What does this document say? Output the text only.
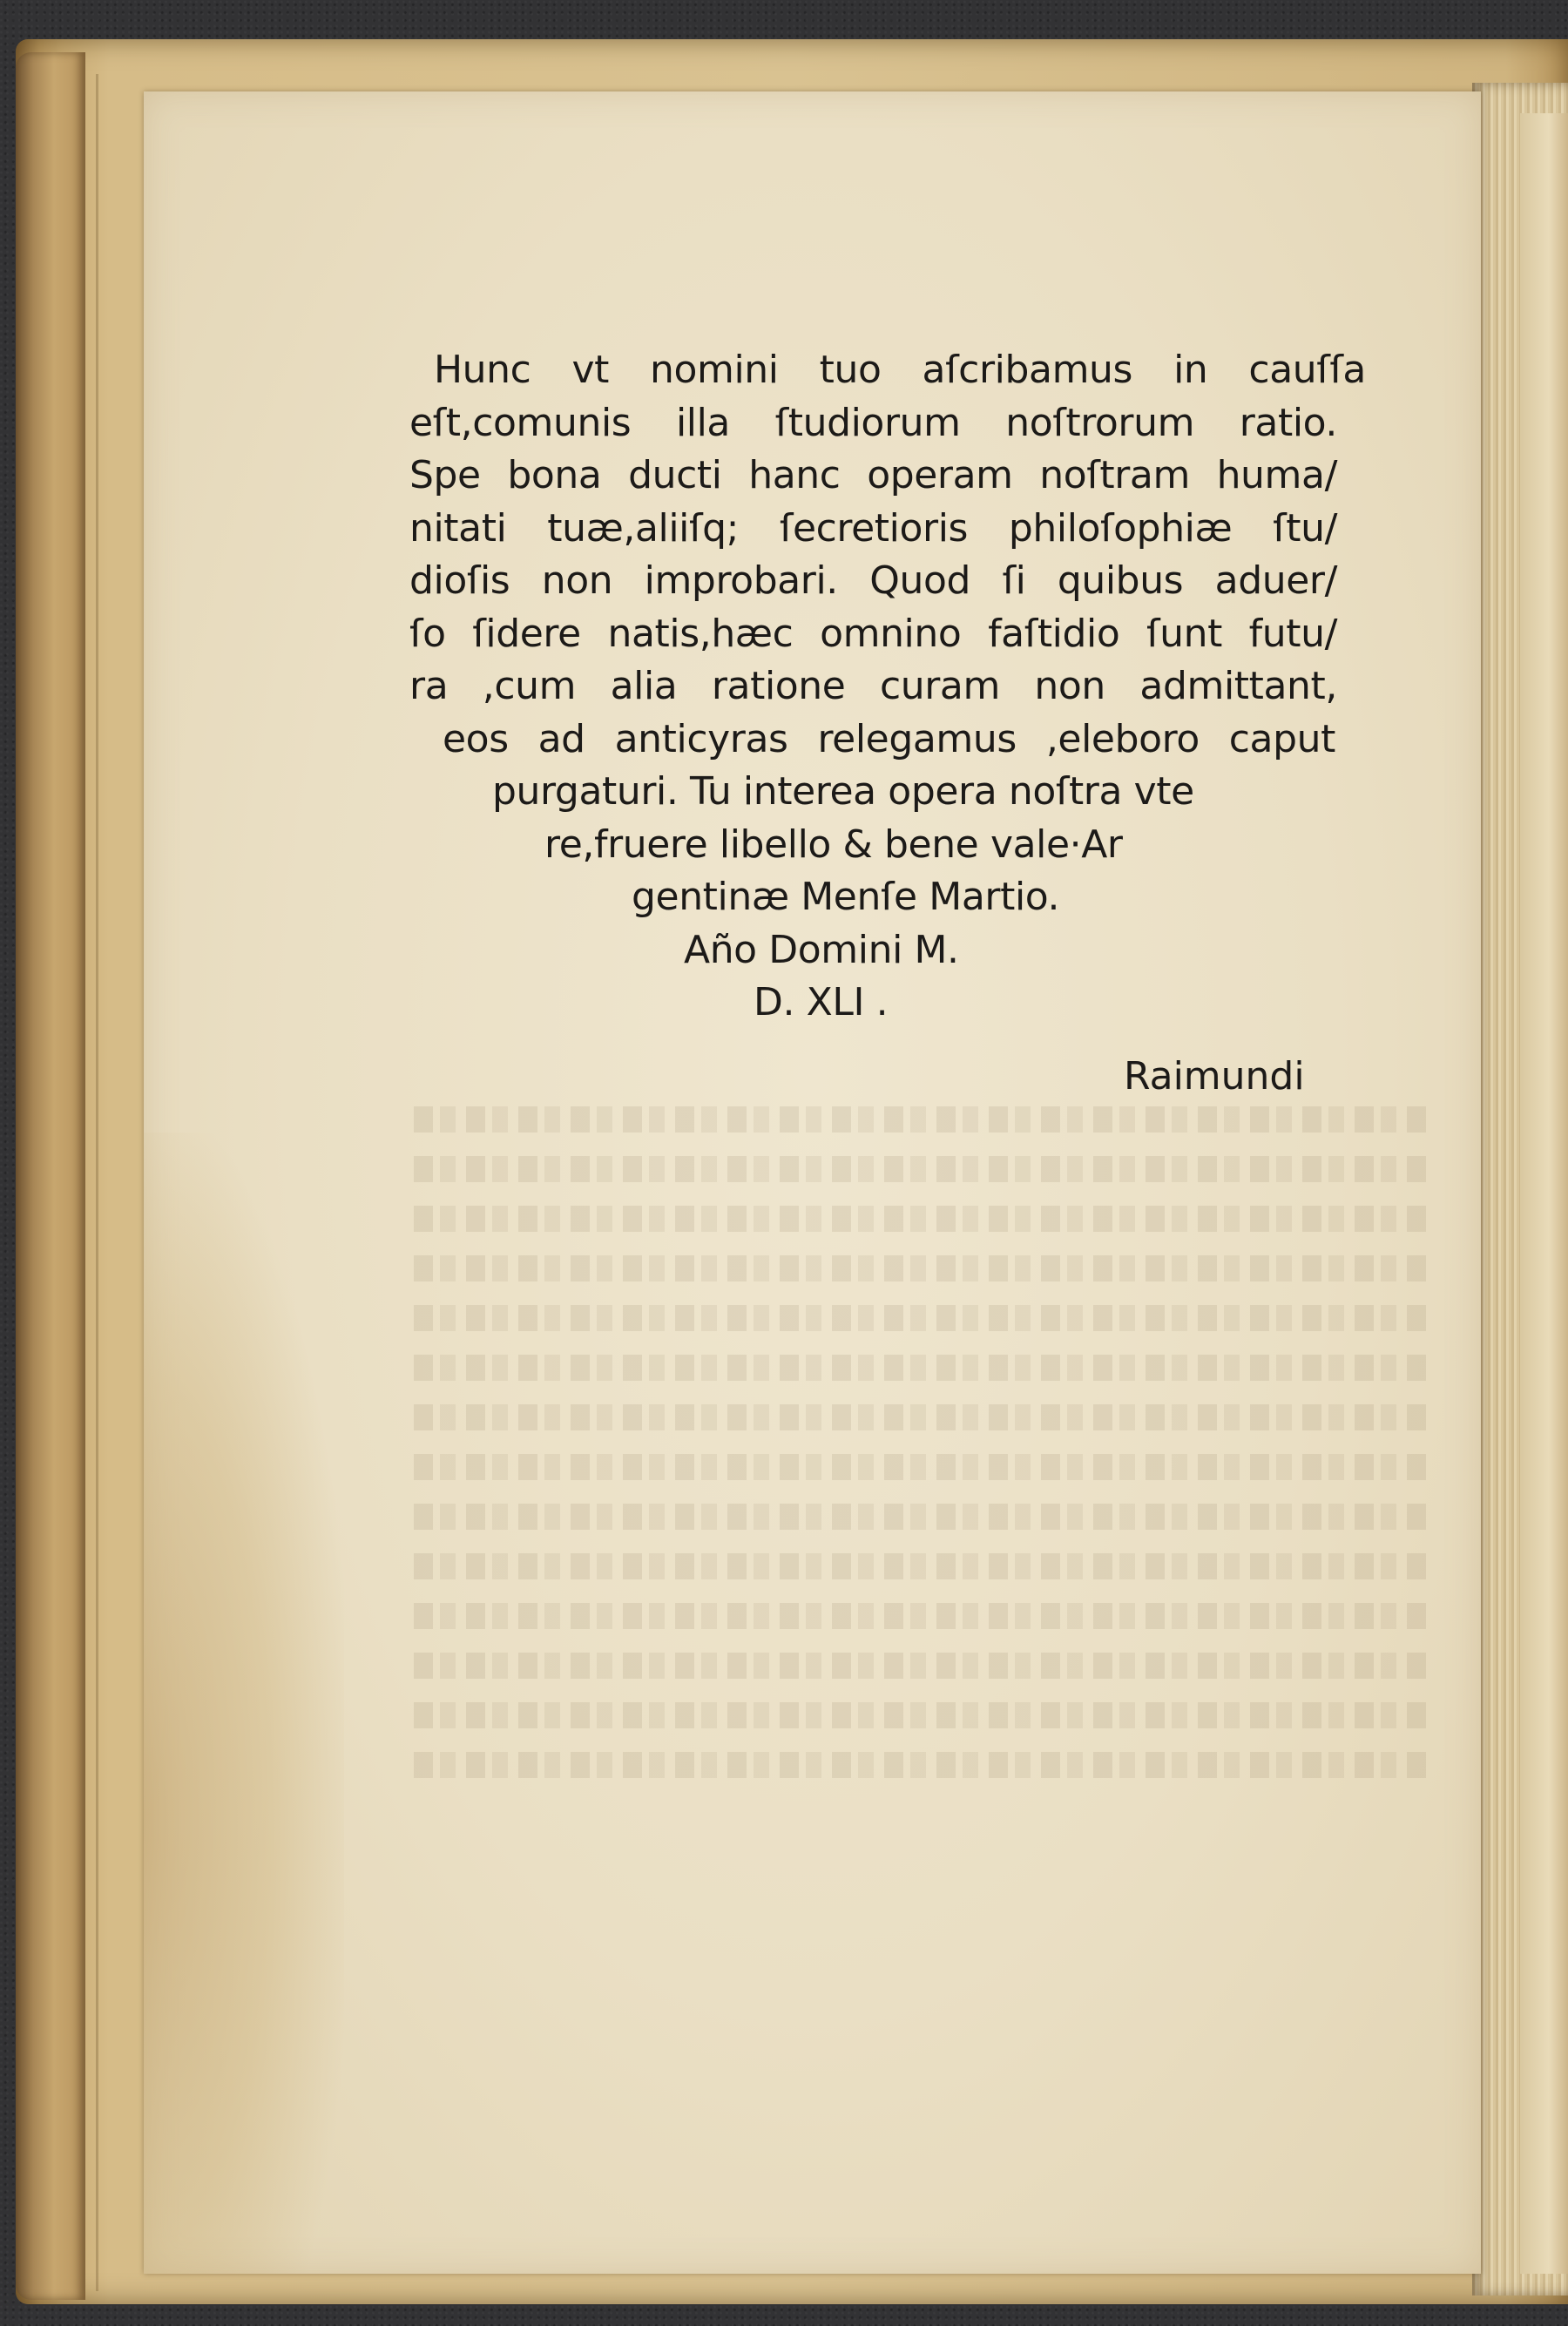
Hunc vt nomini tuo aſcribamus in cauſſa
eſt,comunis illa ſtudiorum noſtrorum ratio.
Spe bona ducti hanc operam noſtram huma/
nitati tuæ,aliiſq; ſecretioris philoſophiæ ſtu/
dioſis non improbari. Quod ſi quibus aduer/
ſo ſidere natis,hæc omnino faſtidio ſunt futu/
ra ,cum alia ratione curam non admittant,
eos ad anticyras relegamus ,eleboro caput
purgaturi. Tu interea opera noſtra vte
re,fruere libello & bene vale·Ar
gentinæ Menſe Martio.
Año Domini M.
D. XLI .
Raimundi
